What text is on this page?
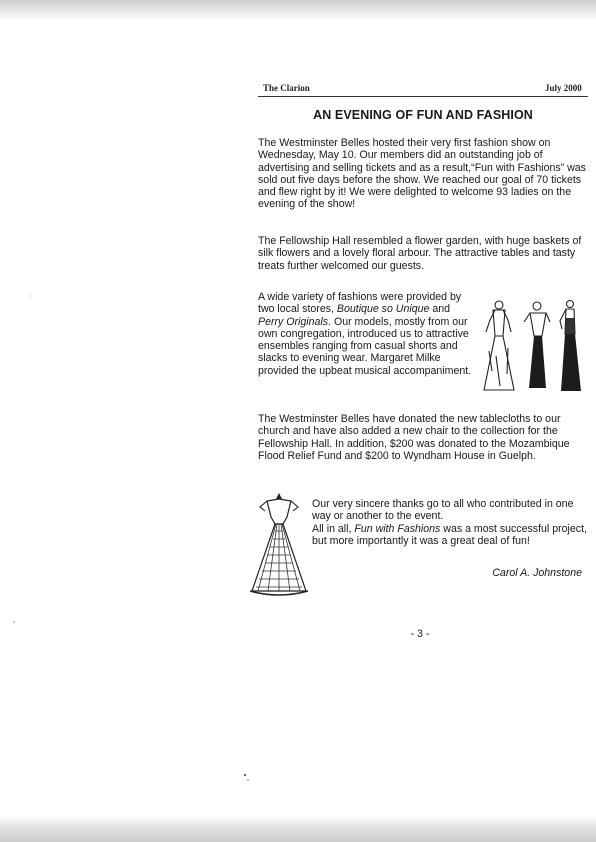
The Clarion	July 2000
AN EVENING OF FUN AND FASHION

The Westminster Belles hosted their very first fashion show on Wednesday, May 10. Our members did an outstanding job of advertising and selling tickets and as a result,“Fun with Fashions” was sold out five days before the show. We reached our goal of 70 tickets and flew right by it! We were delighted to welcome 93 ladies on the evening of the show!

The Fellowship Hall resembled a flower garden, with huge baskets of silk flowers and a lovely floral arbour. The attractive tables and tasty treats further welcomed our guests.

A wide variety of fashions were provided by two local stores, Boutique so Unique and Perry Originals. Our models, mostly from our own congregation, introduced us to attractive ensembles ranging from casual shorts and slacks to evening wear. Margaret Milke provided the upbeat musical accompaniment.

The Westminster Belles have donated the new tablecloths to our church and have also added a new chair to the collection for the Fellowship Hall. In addition, $200 was donated to the Mozambique Flood Relief Fund and $200 to Wyndham House in Guelph.

Our very sincere thanks go to all who contributed in one way or another to the event.
All in all, Fun with Fashions was a most successful project, but more importantly it was a great deal of fun!

Carol A. Johnstone
- 3 -
